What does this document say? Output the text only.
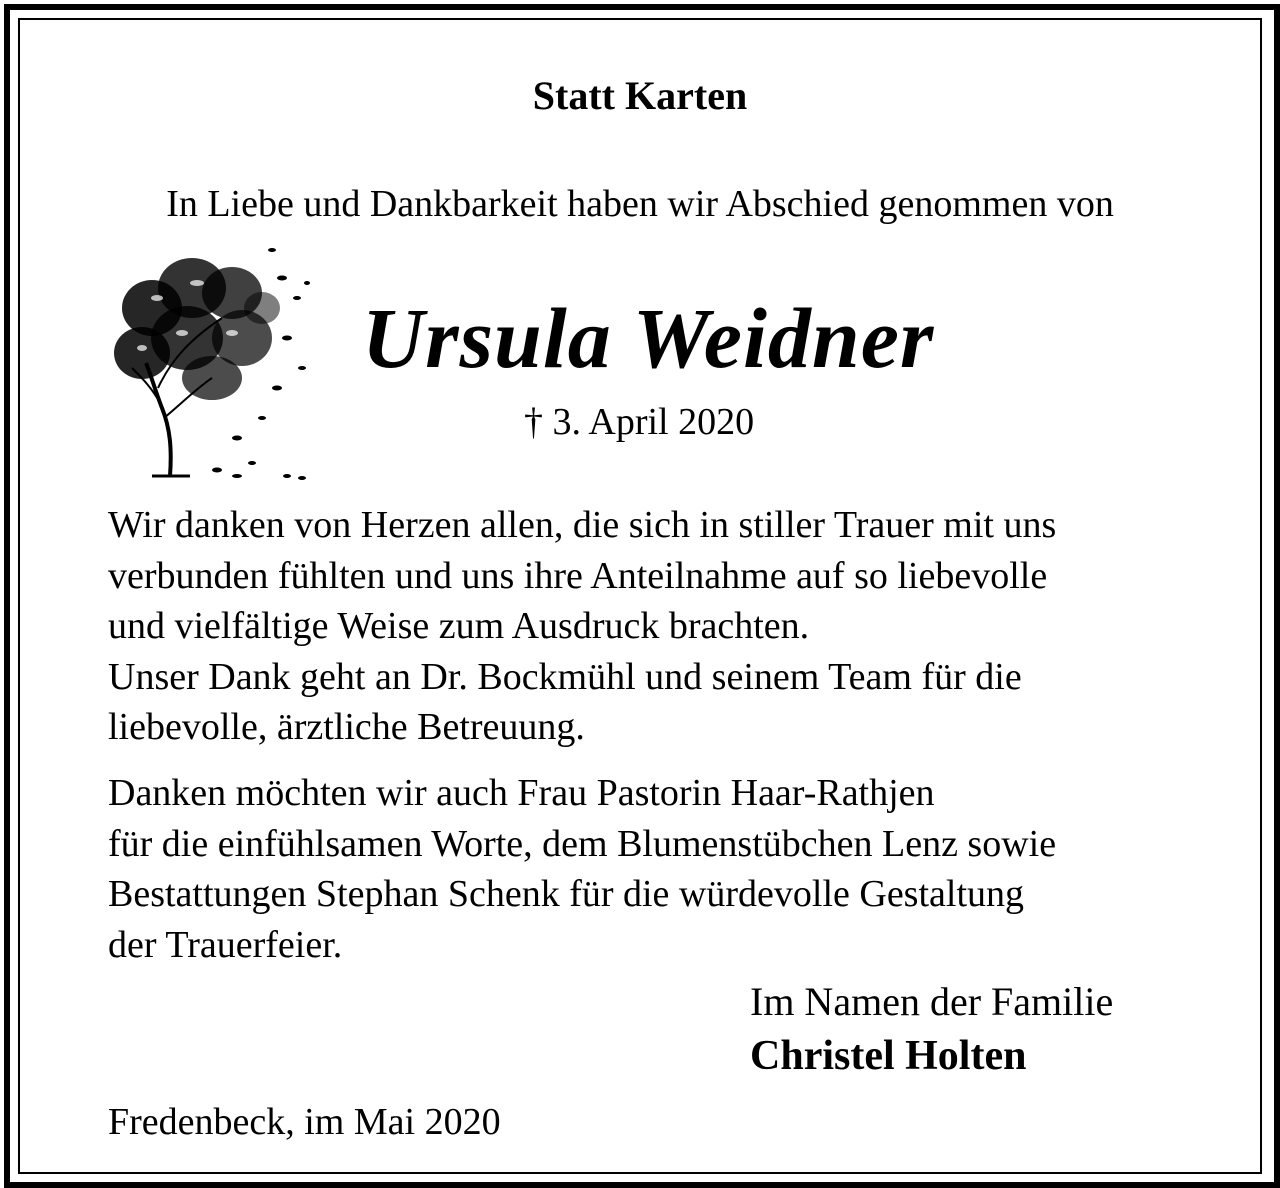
Statt Karten
In Liebe und Dankbarkeit haben wir Abschied genommen von
Ursula Weidner
† 3. April 2020

Wir danken von Herzen allen, die sich in stiller Trauer mit uns
verbunden fühlten und uns ihre Anteilnahme auf so liebevolle
und vielfältige Weise zum Ausdruck brachten.
Unser Dank geht an Dr. Bockmühl und seinem Team für die
liebevolle, ärztliche Betreuung.

Danken möchten wir auch Frau Pastorin Haar-Rathjen
für die einfühlsamen Worte, dem Blumenstübchen Lenz sowie
Bestattungen Stephan Schenk für die würdevolle Gestaltung
der Trauerfeier.

Im Namen der Familie
Christel Holten
Fredenbeck, im Mai 2020
